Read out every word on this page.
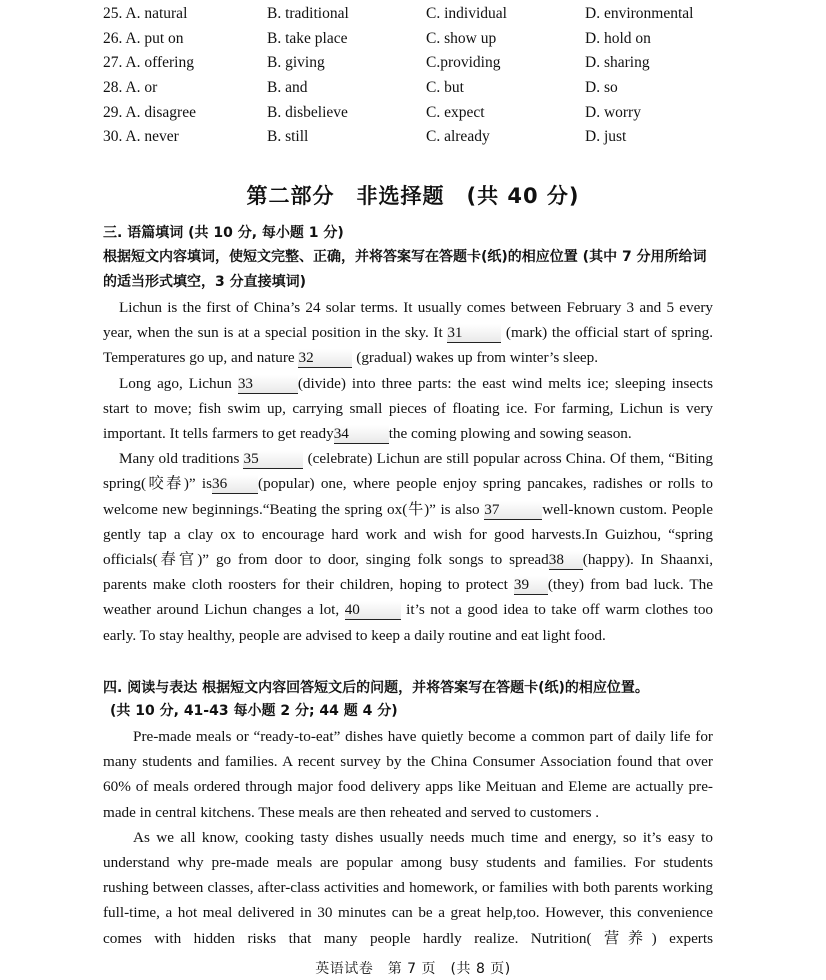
25. A. natural	B. traditional	C. individual	D. environmental
26. A. put on	B. take place	C. show up	D. hold on
27. A. offering	B. giving	C.providing	D. sharing
28. A. or	B. and	C. but	D. so
29. A. disagree	B. disbelieve	C. expect	D. worry
30. A. never	B. still	C. already	D. just
第二部分　非选择题　(共 40 分)
三. 语篇填词 (共 10 分, 每小题 1 分)
根据短文内容填词，使短文完整、正确，并将答案写在答题卡(纸)的相应位置 (其中 7 分用所给词的适当形式填空，3 分直接填词)

Lichun is the first of China’s 24 solar terms. It usually comes between February 3 and 5 every year, when the sun is at a special position in the sky. It 31	(mark) the official start of spring. Temperatures go up, and nature 32	(gradual) wakes up from winter’s sleep.

Long ago, Lichun 33	(divide) into three parts: the east wind melts ice; sleeping insects start to move; fish swim up, carrying small pieces of floating ice. For farming, Lichun is very important. It tells farmers to get ready34	the coming plowing and sowing season.

Many old traditions 35	(celebrate) Lichun are still popular across China. Of them, “Biting spring(咬春)” is36 (popular) one, where people enjoy spring pancakes, radishes or rolls to welcome new beginnings.“Beating the spring ox(牛)” is also 37	well-known custom. People gently tap a clay ox to encourage hard work and wish for good harvests.In Guizhou, “spring officials(春官)” go from door to door, singing folk songs to spread38 (happy). In Shaanxi, parents make cloth roosters for their children, hoping to protect 39 (they) from bad luck. The weather around Lichun changes a lot, 40	it’s not a good idea to take off warm clothes too early. To stay healthy, people are advised to keep a daily routine and eat light food.

四. 阅读与表达 根据短文内容回答短文后的问题，并将答案写在答题卡(纸)的相应位置。
(共 10 分, 41-43 每小题 2 分; 44 题 4 分)

Pre-made meals or “ready-to-eat” dishes have quietly become a common part of daily life for many students and families. A recent survey by the China Consumer Association found that over 60% of meals ordered through major food delivery apps like Meituan and Eleme are actually pre-made in central kitchens. These meals are then reheated and served to customers .

As we all know, cooking tasty dishes usually needs much time and energy, so it’s easy to understand why pre-made meals are popular among busy students and families. For students rushing between classes, after-class activities and homework, or families with both parents working full-time, a hot meal delivered in 30 minutes can be a great help,too. However, this convenience comes with hidden risks that many people hardly realize. Nutrition( 营养) experts

英语试卷　第 7 页　(共 8 页)
